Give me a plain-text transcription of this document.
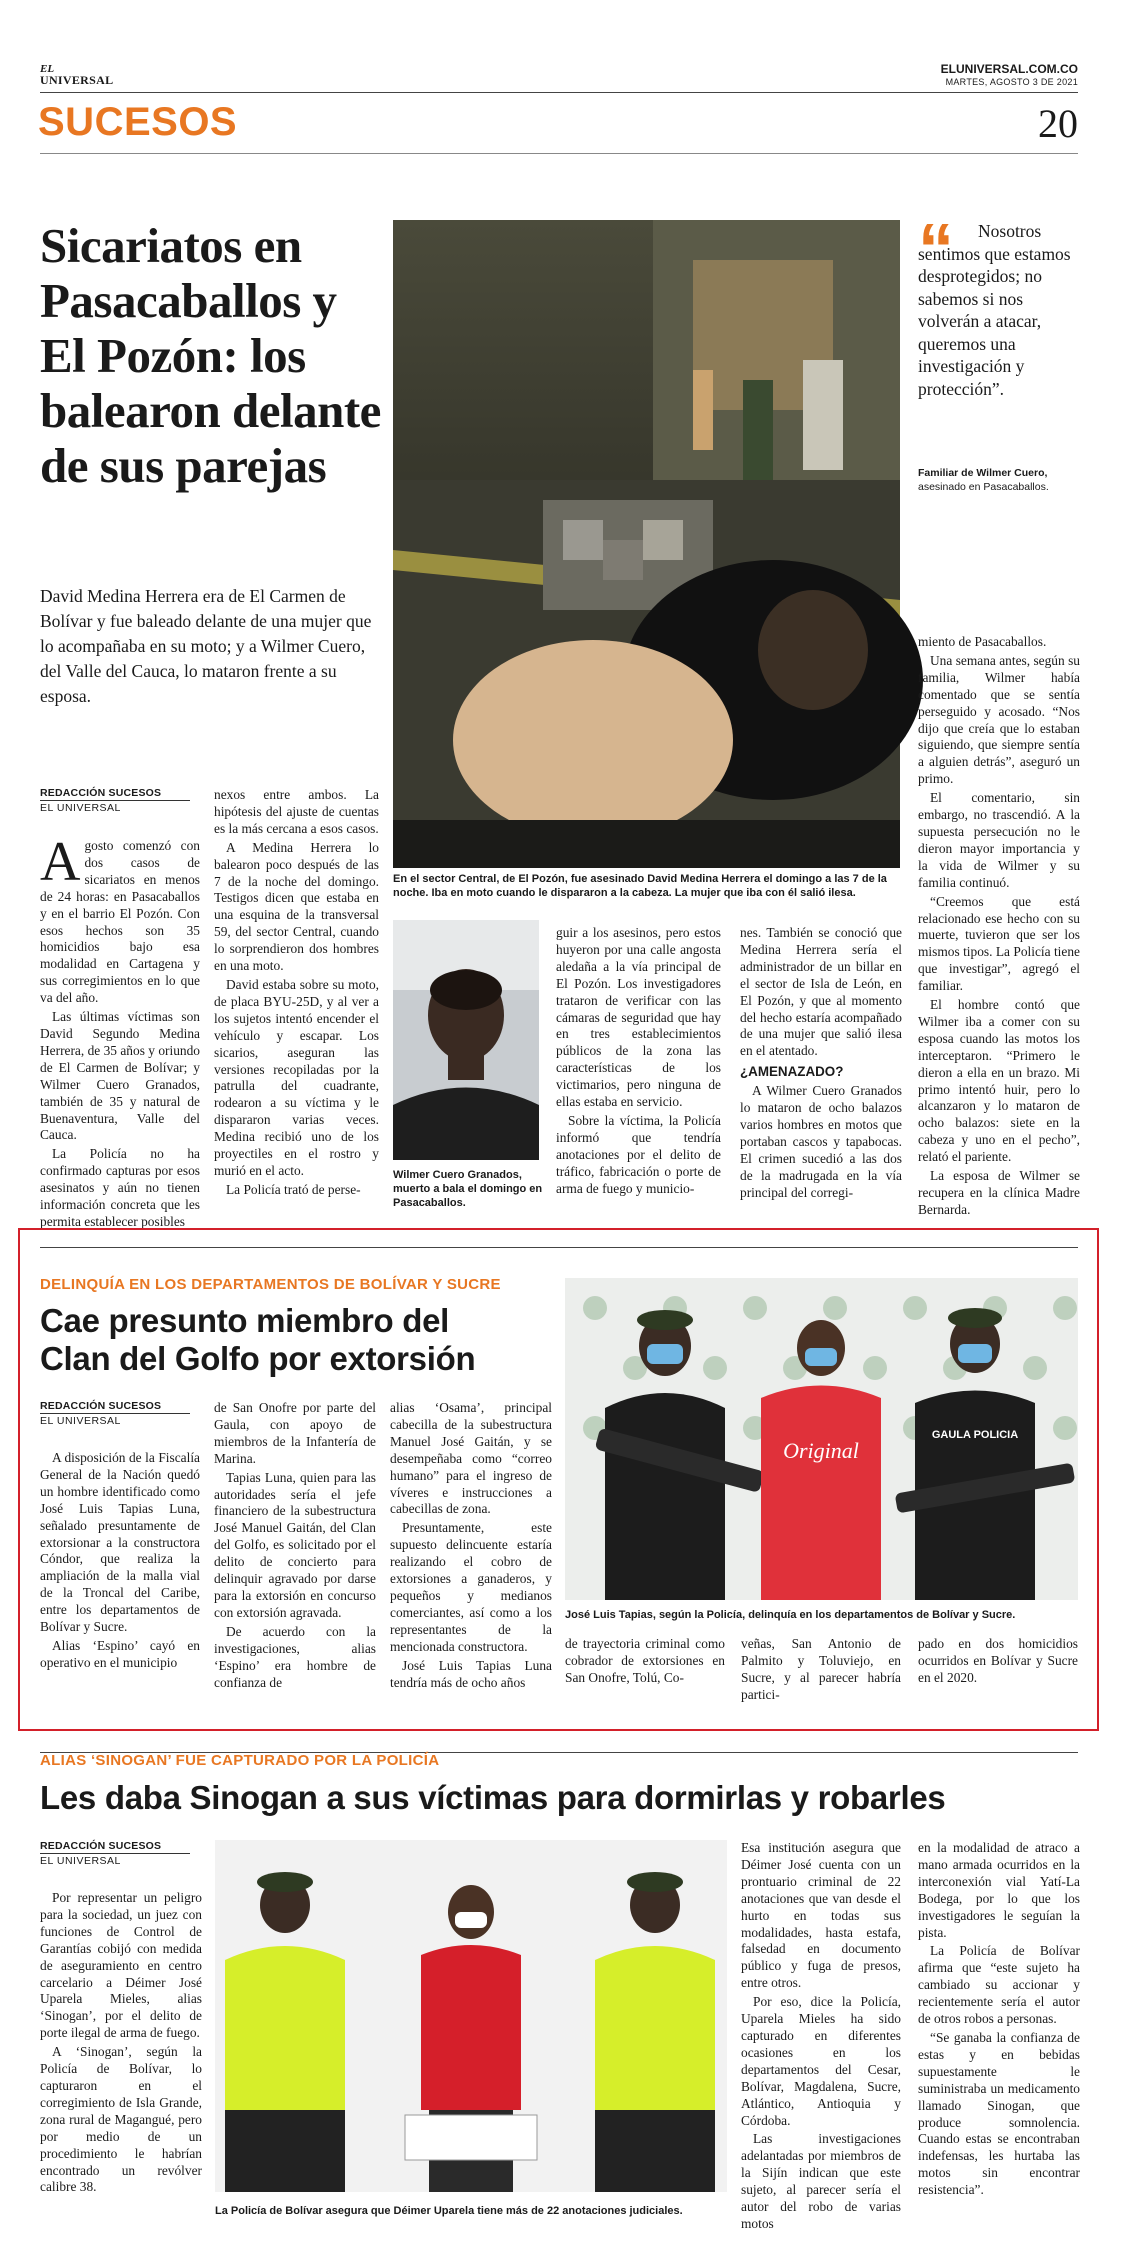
EL
UNIVERSAL
ELUNIVERSAL.COM.CO
MARTES, AGOSTO 3 DE 2021
SUCESOS	20
Sicariatos en Pasacaballos y El Pozón: los balearon delante de sus parejas
David Medina Herrera era de El Carmen de Bolívar y fue baleado delante de una mujer que lo acompañaba en su moto; y a Wilmer Cuero, del Valle del Cauca, lo mataron frente a su esposa.
En el sector Central, de El Pozón, fue asesinado David Medina Herrera el domingo a las 7 de la noche. Iba en moto cuando le dispararon a la cabeza. La mujer que iba con él salió ilesa.
“	Nosotros sentimos que estamos desprotegidos; no sabemos si nos volverán a atacar, queremos una investigación y protección”.
Familiar de Wilmer Cuero,
asesinado en Pasacaballos.
REDACCIÓN SUCESOS
EL UNIVERSAL
A gosto comenzó con dos casos de sicariatos en menos de 24 horas: en Pasacaballos y en el barrio El Pozón. Con esos hechos son 35 homicidios bajo esa modalidad en Cartagena y sus corregimientos en lo que va del año.

Las últimas víctimas son David Segundo Medina Herrera, de 35 años y oriundo de El Carmen de Bolívar; y Wilmer Cuero Granados, también de 35 y natural de Buenaventura, Valle del Cauca.

La Policía no ha confirmado capturas por esos asesinatos y aún no tienen información concreta que les permita establecer posibles

nexos entre ambos. La hipótesis del ajuste de cuentas es la más cercana a esos casos.

A Medina Herrera lo balearon poco después de las 7 de la noche del domingo. Testigos dicen que estaba en una esquina de la transversal 59, del sector Central, cuando lo sorprendieron dos hombres en una moto.

David estaba sobre su moto, de placa BYU-25D, y al ver a los sujetos intentó encender el vehículo y escapar. Los sicarios, aseguran las versiones recopiladas por la patrulla del cuadrante, rodearon a su víctima y le dispararon varias veces. Medina recibió uno de los proyectiles en el rostro y murió en el acto.

La Policía trató de perse-

Wilmer Cuero Granados, muerto a bala el domingo en Pasacaballos.

guir a los asesinos, pero estos huyeron por una calle angosta aledaña a la vía principal de El Pozón. Los investigadores trataron de verificar con las cámaras de seguridad que hay en tres establecimientos públicos de la zona las características de los victimarios, pero ninguna de ellas estaba en servicio.

Sobre la víctima, la Policía informó que tendría anotaciones por el delito de tráfico, fabricación o porte de arma de fuego y municio-

nes. También se conoció que Medina Herrera sería el administrador de un billar en el sector de Isla de León, en El Pozón, y que al momento del hecho estaría acompañado de una mujer que salió ilesa en el atentado.

¿AMENAZADO?

A Wilmer Cuero Granados lo mataron de ocho balazos varios hombres en motos que portaban cascos y tapabocas. El crimen sucedió a las dos de la madrugada en la vía principal del corregi-

miento de Pasacaballos.

Una semana antes, según su familia, Wilmer había comentado que se sentía perseguido y acosado. “Nos dijo que creía que lo estaban siguiendo, que siempre sentía a alguien detrás”, aseguró un primo.

El comentario, sin embargo, no trascendió. A la supuesta persecución no le dieron mayor importancia y la vida de Wilmer y su familia continuó.

“Creemos que está relacionado ese hecho con su muerte, tuvieron que ser los mismos tipos. La Policía tiene que investigar”, agregó el familiar.

El hombre contó que Wilmer iba a comer con su esposa cuando las motos los interceptaron. “Primero le dieron a ella en un brazo. Mi primo intentó huir, pero lo alcanzaron y lo mataron de ocho balazos: siete en la cabeza y uno en el pecho”, relató el pariente.

La esposa de Wilmer se recupera en la clínica Madre Bernarda.

DELINQUÍA EN LOS DEPARTAMENTOS DE BOLÍVAR Y SUCRE
Cae presunto miembro del
Clan del Golfo por extorsión
REDACCIÓN SUCESOS
EL UNIVERSAL

A disposición de la Fiscalía General de la Nación quedó un hombre identificado como José Luis Tapias Luna, señalado presuntamente de extorsionar a la constructora Cóndor, que realiza la ampliación de la malla vial de la Troncal del Caribe, entre los departamentos de Bolívar y Sucre.

Alias ‘Espino’ cayó en operativo en el municipio

de San Onofre por parte del Gaula, con apoyo de miembros de la Infantería de Marina.

Tapias Luna, quien para las autoridades sería el jefe financiero de la subestructura José Manuel Gaitán, del Clan del Golfo, es solicitado por el delito de concierto para delinquir agravado por darse para la extorsión en concurso con extorsión agravada.

De acuerdo con la investigaciones, alias ‘Espino’ era hombre de confianza de

alias ‘Osama’, principal cabecilla de la subestructura Manuel José Gaitán, y se desempeñaba como “correo humano” para el ingreso de víveres e instrucciones a cabecillas de zona.

Presuntamente, este supuesto delincuente estaría realizando el cobro de extorsiones a ganaderos, y pequeños y medianos comerciantes, así como a los representantes de la mencionada constructora.

José Luis Tapias Luna tendría más de ocho años

Original
GAULA POLICIA
José Luis Tapias, según la Policía, delinquía en los departamentos de Bolívar y Sucre.

de trayectoria criminal como cobrador de extorsiones en San Onofre, Tolú, Co-

veñas, San Antonio de Palmito y Toluviejo, en Sucre, y al parecer habría partici-

pado en dos homicidios ocurridos en Bolívar y Sucre en el 2020.

ALIAS ‘SINOGAN’ FUE CAPTURADO POR LA POLICÍA
Les daba Sinogan a sus víctimas para dormirlas y robarles
REDACCIÓN SUCESOS
EL UNIVERSAL

Por representar un peligro para la sociedad, un juez con funciones de Control de Garantías cobijó con medida de aseguramiento en centro carcelario a Déimer José Uparela Mieles, alias ‘Sinogan’, por el delito de porte ilegal de arma de fuego.

A ‘Sinogan’, según la Policía de Bolívar, lo capturaron en el corregimiento de Isla Grande, zona rural de Magangué, pero por medio de un procedimiento le habrían encontrado un revólver calibre 38.

La Policía de Bolívar asegura que Déimer Uparela tiene más de 22 anotaciones judiciales.

Esa institución asegura que Déimer José cuenta con un prontuario criminal de 22 anotaciones que van desde el hurto en todas sus modalidades, hasta estafa, falsedad en documento público y fuga de presos, entre otros.

Por eso, dice la Policía, Uparela Mieles ha sido capturado en diferentes ocasiones en los departamentos del Cesar, Bolívar, Magdalena, Sucre, Atlántico, Antioquia y Córdoba.

Las investigaciones adelantadas por miembros de la Sijín indican que este sujeto, al parecer sería el autor del robo de varias motos

en la modalidad de atraco a mano armada ocurridos en la interconexión vial Yatí-La Bodega, por lo que los investigadores le seguían la pista.

La Policía de Bolívar afirma que “este sujeto ha cambiado su accionar y recientemente sería el autor de otros robos a personas.

“Se ganaba la confianza de estas y en bebidas supuestamente le suministraba un medicamento llamado Sinogan, que produce somnolencia. Cuando estas se encontraban indefensas, les hurtaba las motos sin encontrar resistencia”.
